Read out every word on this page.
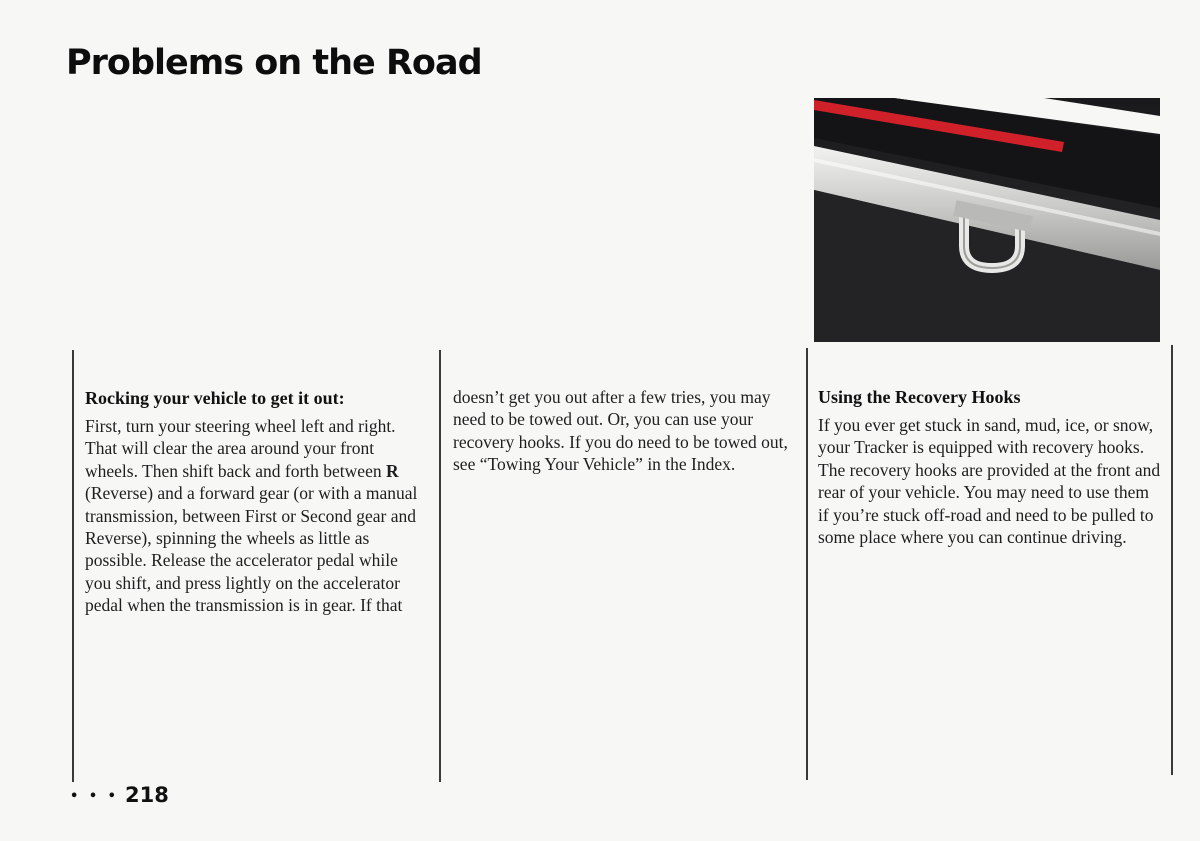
Problems on the Road
Rocking your vehicle to get it out:

First, turn your steering wheel left and right. That will clear the area around your front wheels. Then shift back and forth between R (Reverse) and a forward gear (or with a manual transmission, between First or Second gear and Reverse), spinning the wheels as little as possible. Release the accelerator pedal while you shift, and press lightly on the accelerator pedal when the transmission is in gear. If that

doesn’t get you out after a few tries, you may need to be towed out. Or, you can use your recovery hooks. If you do need to be towed out, see “Towing Your Vehicle” in the Index.

Using the Recovery Hooks

If you ever get stuck in sand, mud, ice, or snow, your Tracker is equipped with recovery hooks. The recovery hooks are provided at the front and rear of your vehicle. You may need to use them if you’re stuck off-road and need to be pulled to some place where you can continue driving.

• • • 218
